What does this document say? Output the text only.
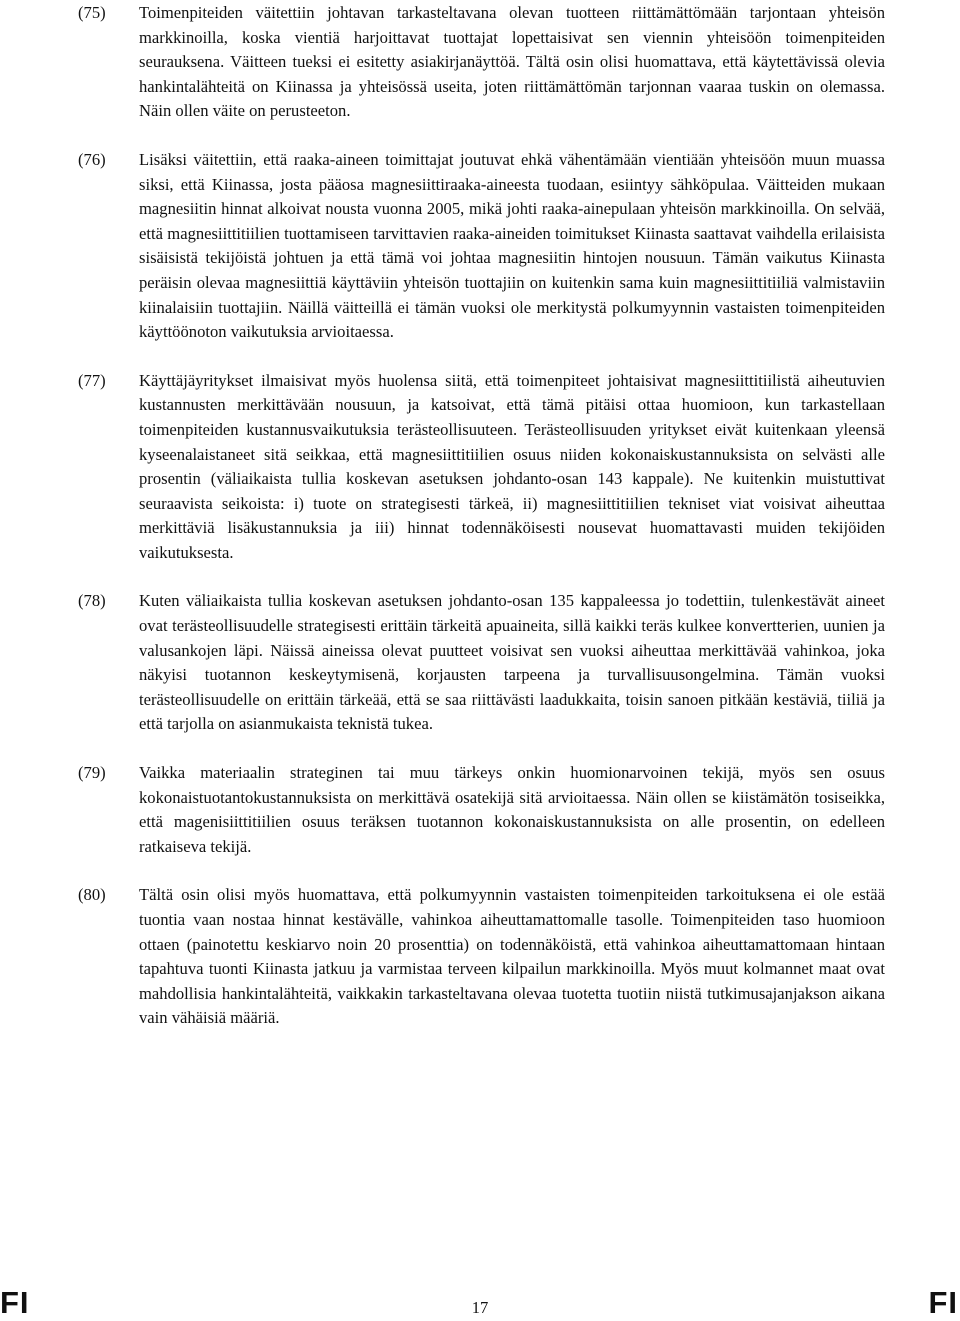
(75) Toimenpiteiden väitettiin johtavan tarkasteltavana olevan tuotteen riittämättömään tarjontaan yhteisön markkinoilla, koska vientiä harjoittavat tuottajat lopettaisivat sen viennin yhteisöön toimenpiteiden seurauksena. Väitteen tueksi ei esitetty asiakirjanäyttöä. Tältä osin olisi huomattava, että käytettävissä olevia hankintalähteitä on Kiinassa ja yhteisössä useita, joten riittämättömän tarjonnan vaaraa tuskin on olemassa. Näin ollen väite on perusteeton.
(76) Lisäksi väitettiin, että raaka-aineen toimittajat joutuvat ehkä vähentämään vientiään yhteisöön muun muassa siksi, että Kiinassa, josta pääosa magnesiittiraaka-aineesta tuodaan, esiintyy sähköpulaa. Väitteiden mukaan magnesiitin hinnat alkoivat nousta vuonna 2005, mikä johti raaka-ainepulaan yhteisön markkinoilla. On selvää, että magnesiittitiilien tuottamiseen tarvittavien raaka-aineiden toimitukset Kiinasta saattavat vaihdella erilaisista sisäisistä tekijöistä johtuen ja että tämä voi johtaa magnesiitin hintojen nousuun. Tämän vaikutus Kiinasta peräisin olevaa magnesiittiä käyttäviin yhteisön tuottajiin on kuitenkin sama kuin magnesiittitiiliä valmistaviin kiinalaisiin tuottajiin. Näillä väitteillä ei tämän vuoksi ole merkitystä polkumyynnin vastaisten toimenpiteiden käyttöönoton vaikutuksia arvioitaessa.
(77) Käyttäjäyritykset ilmaisivat myös huolensa siitä, että toimenpiteet johtaisivat magnesiittitiilistä aiheutuvien kustannusten merkittävään nousuun, ja katsoivat, että tämä pitäisi ottaa huomioon, kun tarkastellaan toimenpiteiden kustannusvaikutuksia terästeollisuuteen. Terästeollisuuden yritykset eivät kuitenkaan yleensä kyseenalaistaneet sitä seikkaa, että magnesiittitiilien osuus niiden kokonaiskustannuksista on selvästi alle prosentin (väliaikaista tullia koskevan asetuksen johdanto-osan 143 kappale). Ne kuitenkin muistuttivat seuraavista seikoista: i) tuote on strategisesti tärkeä, ii) magnesiittitiilien tekniset viat voisivat aiheuttaa merkittäviä lisäkustannuksia ja iii) hinnat todennäköisesti nousevat huomattavasti muiden tekijöiden vaikutuksesta.
(78) Kuten väliaikaista tullia koskevan asetuksen johdanto-osan 135 kappaleessa jo todettiin, tulenkestävät aineet ovat terästeollisuudelle strategisesti erittäin tärkeitä apuaineita, sillä kaikki teräs kulkee konvertterien, uunien ja valusankojen läpi. Näissä aineissa olevat puutteet voisivat sen vuoksi aiheuttaa merkittävää vahinkoa, joka näkyisi tuotannon keskeytymisenä, korjausten tarpeena ja turvallisuusongelmina. Tämän vuoksi terästeollisuudelle on erittäin tärkeää, että se saa riittävästi laadukkaita, toisin sanoen pitkään kestäviä, tiiliä ja että tarjolla on asianmukaista teknistä tukea.
(79) Vaikka materiaalin strateginen tai muu tärkeys onkin huomionarvoinen tekijä, myös sen osuus kokonaistuotantokustannuksista on merkittävä osatekijä sitä arvioitaessa. Näin ollen se kiistämätön tosiseikka, että magenisiittitiilien osuus teräksen tuotannon kokonaiskustannuksista on alle prosentin, on edelleen ratkaiseva tekijä.
(80) Tältä osin olisi myös huomattava, että polkumyynnin vastaisten toimenpiteiden tarkoituksena ei ole estää tuontia vaan nostaa hinnat kestävälle, vahinkoa aiheuttamattomalle tasolle. Toimenpiteiden taso huomioon ottaen (painotettu keskiarvo noin 20 prosenttia) on todennäköistä, että vahinkoa aiheuttamattomaan hintaan tapahtuva tuonti Kiinasta jatkuu ja varmistaa terveen kilpailun markkinoilla. Myös muut kolmannet maat ovat mahdollisia hankintalähteitä, vaikkakin tarkasteltavana olevaa tuotetta tuotiin niistä tutkimusajanjakson aikana vain vähäisiä määriä.
FI	17	FI
